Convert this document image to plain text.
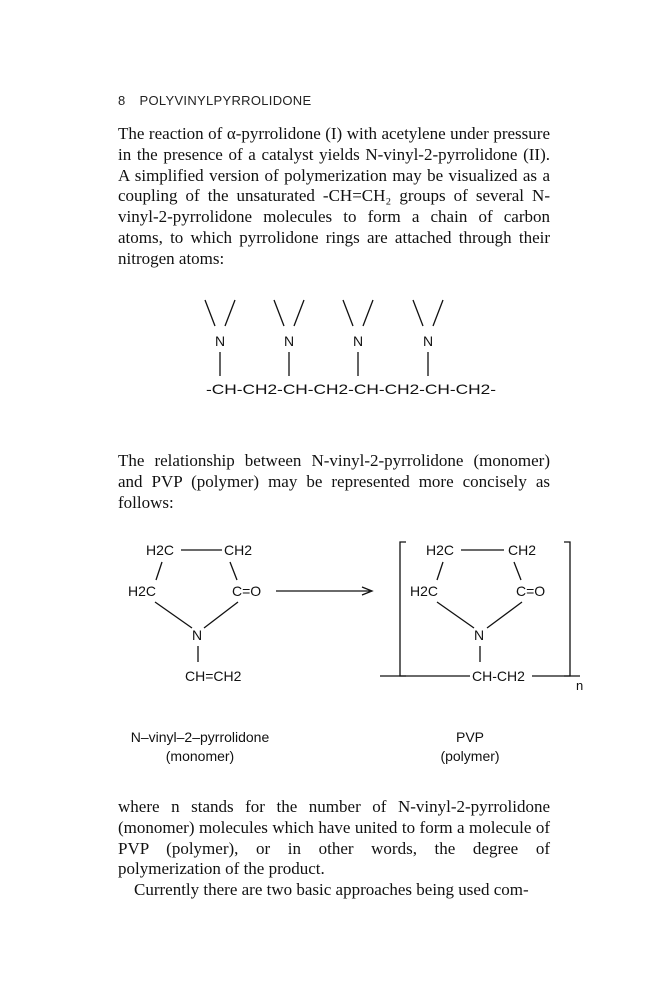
8 POLYVINYLPYRROLIDONE

The reaction of α-pyrrolidone (I) with acetylene under pressure in the presence of a catalyst yields N-vinyl-2-pyrrolidone (II). A simplified version of polymerization may be visualized as a coupling of the unsaturated -CH=CH₂ groups of several N-vinyl-2-pyrrolidone molecules to form a chain of carbon atoms, to which pyrrolidone rings are attached through their nitrogen atoms:

N	N	N	N
-CH-CH2-CH-CH2-CH-CH2-CH-CH2-

The relationship between N-vinyl-2-pyrrolidone (monomer) and PVP (polymer) may be represented more concisely as follows:

H2C	CH2
H2C	C=O
N
CH=CH2
H2C	CH2
H2C	C=O
N
CH-CH2
n
N–vinyl–2–pyrrolidone
(monomer)
PVP
(polymer)

where n stands for the number of N-vinyl-2-pyrrolidone (monomer) molecules which have united to form a molecule of PVP (polymer), or in other words, the degree of polymerization of the product.

Currently there are two basic approaches being used com-
